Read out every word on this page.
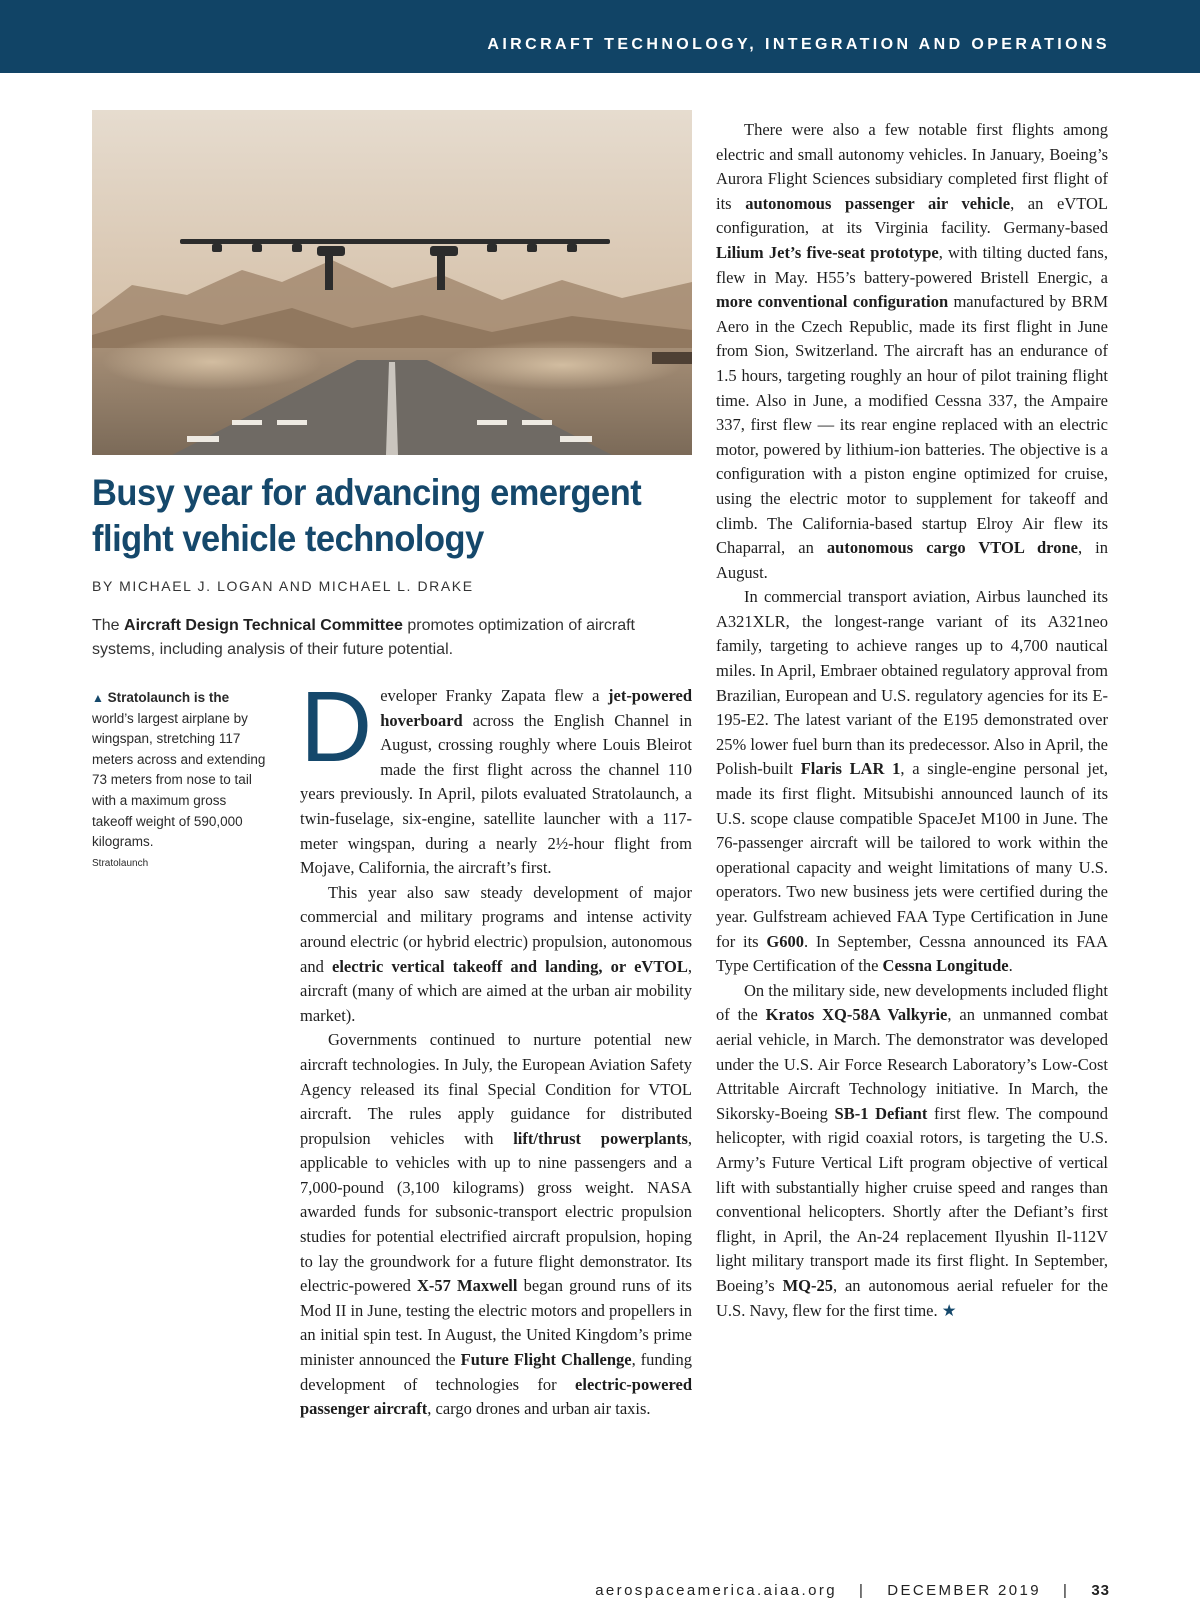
AIRCRAFT TECHNOLOGY, INTEGRATION AND OPERATIONS
Busy year for advancing emergent flight vehicle technology
BY MICHAEL J. LOGAN AND MICHAEL L. DRAKE

The Aircraft Design Technical Committee promotes optimization of aircraft systems, including analysis of their future potential.

▲ Stratolaunch is the world’s largest airplane by wingspan, stretching 117 meters across and extending 73 meters from nose to tail with a maximum gross takeoff weight of 590,000 kilograms.
Stratolaunch

Developer Franky Zapata flew a jet-powered hoverboard across the English Channel in August, crossing roughly where Louis Bleirot made the first flight across the channel 110 years previously. In April, pilots evaluated Stratolaunch, a twin-fuselage, six-engine, satellite launcher with a 117-meter wingspan, during a nearly 2½-hour flight from Mojave, California, the aircraft’s first.

This year also saw steady development of major commercial and military programs and intense activity around electric (or hybrid electric) propulsion, autonomous and electric vertical takeoff and landing, or eVTOL, aircraft (many of which are aimed at the urban air mobility market).

Governments continued to nurture potential new aircraft technologies. In July, the European Aviation Safety Agency released its final Special Condition for VTOL aircraft. The rules apply guidance for distributed propulsion vehicles with lift/thrust powerplants, applicable to vehicles with up to nine passengers and a 7,000-pound (3,100 kilograms) gross weight. NASA awarded funds for subsonic-transport electric propulsion studies for potential electrified aircraft propulsion, hoping to lay the groundwork for a future flight demonstrator. Its electric-powered X-57 Maxwell began ground runs of its Mod II in June, testing the electric motors and propellers in an initial spin test. In August, the United Kingdom’s prime minister announced the Future Flight Challenge, funding development of technologies for electric-powered passenger aircraft, cargo drones and urban air taxis.

There were also a few notable first flights among electric and small autonomy vehicles. In January, Boeing’s Aurora Flight Sciences subsidiary completed first flight of its autonomous passenger air vehicle, an eVTOL configuration, at its Virginia facility. Germany-based Lilium Jet’s five-seat prototype, with tilting ducted fans, flew in May. H55’s battery-powered Bristell Energic, a more conventional configuration manufactured by BRM Aero in the Czech Republic, made its first flight in June from Sion, Switzerland. The aircraft has an endurance of 1.5 hours, targeting roughly an hour of pilot training flight time. Also in June, a modified Cessna 337, the Ampaire 337, first flew — its rear engine replaced with an electric motor, powered by lithium-ion batteries. The objective is a configuration with a piston engine optimized for cruise, using the electric motor to supplement for takeoff and climb. The California-based startup Elroy Air flew its Chaparral, an autonomous cargo VTOL drone, in August.

In commercial transport aviation, Airbus launched its A321XLR, the longest-range variant of its A321neo family, targeting to achieve ranges up to 4,700 nautical miles. In April, Embraer obtained regulatory approval from Brazilian, European and U.S. regulatory agencies for its E-195-E2. The latest variant of the E195 demonstrated over 25% lower fuel burn than its predecessor. Also in April, the Polish-built Flaris LAR 1, a single-engine personal jet, made its first flight. Mitsubishi announced launch of its U.S. scope clause compatible SpaceJet M100 in June. The 76-passenger aircraft will be tailored to work within the operational capacity and weight limitations of many U.S. operators. Two new business jets were certified during the year. Gulfstream achieved FAA Type Certification in June for its G600. In September, Cessna announced its FAA Type Certification of the Cessna Longitude.

On the military side, new developments included flight of the Kratos XQ-58A Valkyrie, an unmanned combat aerial vehicle, in March. The demonstrator was developed under the U.S. Air Force Research Laboratory’s Low-Cost Attritable Aircraft Technology initiative. In March, the Sikorsky-Boeing SB-1 Defiant first flew. The compound helicopter, with rigid coaxial rotors, is targeting the U.S. Army’s Future Vertical Lift program objective of vertical lift with substantially higher cruise speed and ranges than conventional helicopters. Shortly after the Defiant’s first flight, in April, the An-24 replacement Ilyushin Il-112V light military transport made its first flight. In September, Boeing’s MQ-25, an autonomous aerial refueler for the U.S. Navy, flew for the first time. ★

aerospaceamerica.aiaa.org | DECEMBER 2019 | 33
